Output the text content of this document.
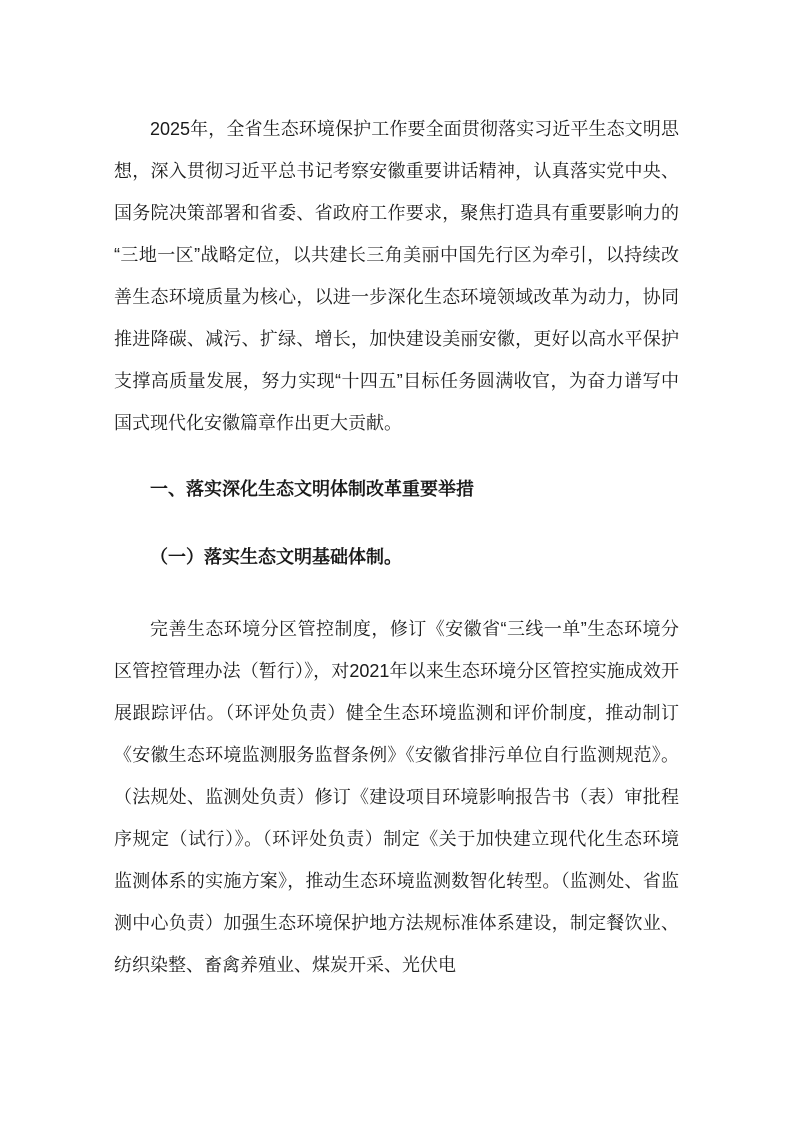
2025年，全省生态环境保护工作要全面贯彻落实习近平生态文明思想，深入贯彻习近平总书记考察安徽重要讲话精神，认真落实党中央、国务院决策部署和省委、省政府工作要求，聚焦打造具有重要影响力的“三地一区”战略定位，以共建长三角美丽中国先行区为牵引，以持续改善生态环境质量为核心，以进一步深化生态环境领域改革为动力，协同推进降碳、减污、扩绿、增长，加快建设美丽安徽，更好以高水平保护支撑高质量发展，努力实现“十四五”目标任务圆满收官，为奋力谱写中国式现代化安徽篇章作出更大贡献。

一、落实深化生态文明体制改革重要举措
（一）落实生态文明基础体制。

完善生态环境分区管控制度，修订《安徽省“三线一单”生态环境分区管控管理办法（暂行）》，对2021年以来生态环境分区管控实施成效开展跟踪评估。（环评处负责）健全生态环境监测和评价制度，推动制订《安徽生态环境监测服务监督条例》《安徽省排污单位自行监测规范》。（法规处、监测处负责）修订《建设项目环境影响报告书（表）审批程序规定（试行）》。（环评处负责）制定《关于加快建立现代化生态环境监测体系的实施方案》，推动生态环境监测数智化转型。（监测处、省监测中心负责）加强生态环境保护地方法规标准体系建设，制定餐饮业、纺织染整、畜禽养殖业、煤炭开采、光伏电
